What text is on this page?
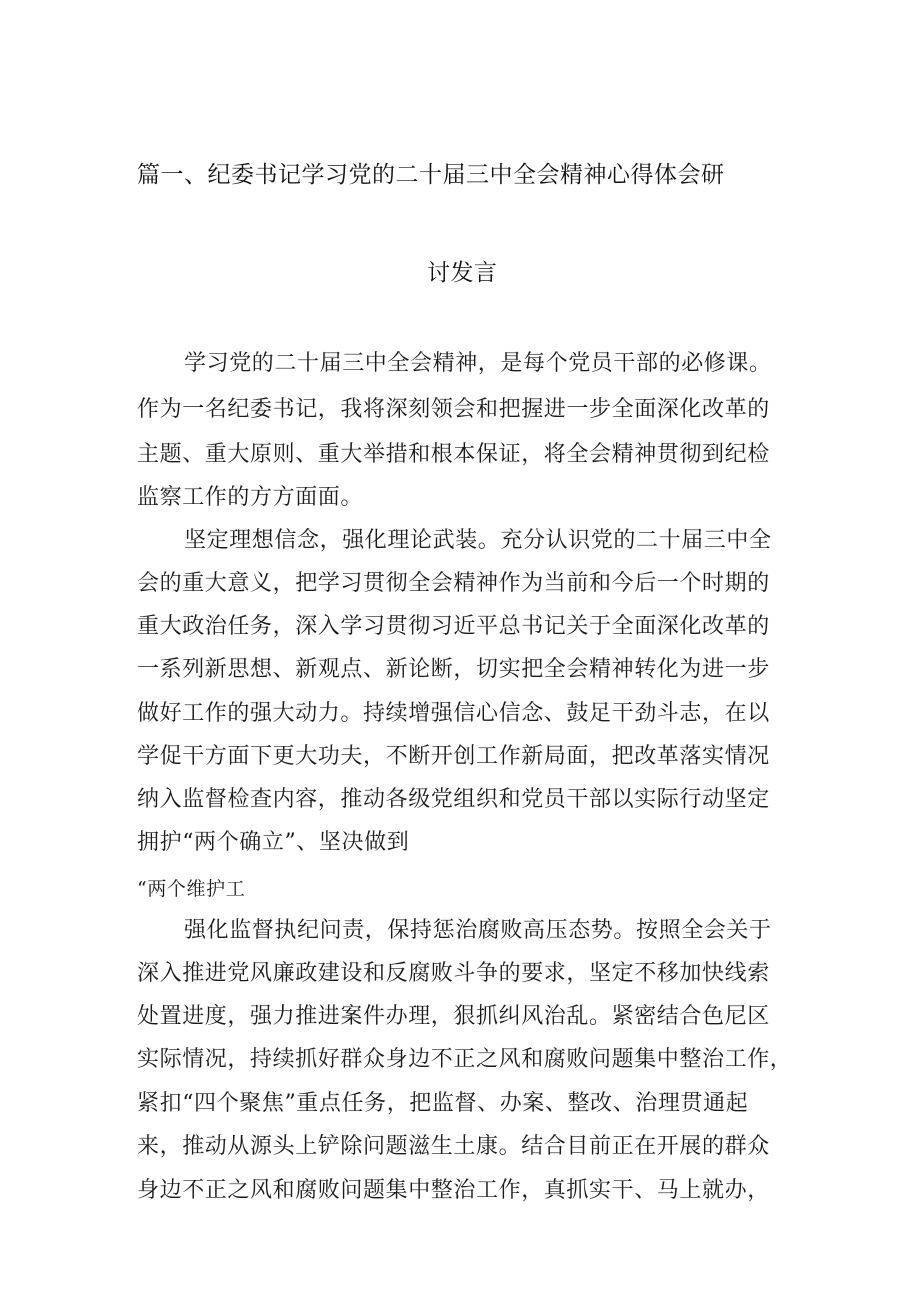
篇一、纪委书记学习党的二十届三中全会精神心得体会研
讨发言
学习党的二十届三中全会精神，是每个党员干部的必修课。
作为一名纪委书记，我将深刻领会和把握进一步全面深化改革的
主题、重大原则、重大举措和根本保证，将全会精神贯彻到纪检
监察工作的方方面面。
坚定理想信念，强化理论武装。充分认识党的二十届三中全
会的重大意义，把学习贯彻全会精神作为当前和今后一个时期的
重大政治任务，深入学习贯彻习近平总书记关于全面深化改革的
一系列新思想、新观点、新论断，切实把全会精神转化为进一步
做好工作的强大动力。持续增强信心信念、鼓足干劲斗志，在以
学促干方面下更大功夫，不断开创工作新局面，把改革落实情况
纳入监督检查内容，推动各级党组织和党员干部以实际行动坚定
拥护“两个确立”、坚决做到
“两个维护工
强化监督执纪问责，保持惩治腐败高压态势。按照全会关于
深入推进党风廉政建设和反腐败斗争的要求，坚定不移加快线索
处置进度，强力推进案件办理，狠抓纠风治乱。紧密结合色尼区
实际情况，持续抓好群众身边不正之风和腐败问题集中整治工作，
紧扣“四个聚焦”重点任务，把监督、办案、整改、治理贯通起
来，推动从源头上铲除问题滋生土康。结合目前正在开展的群众
身边不正之风和腐败问题集中整治工作，真抓实干、马上就办，
